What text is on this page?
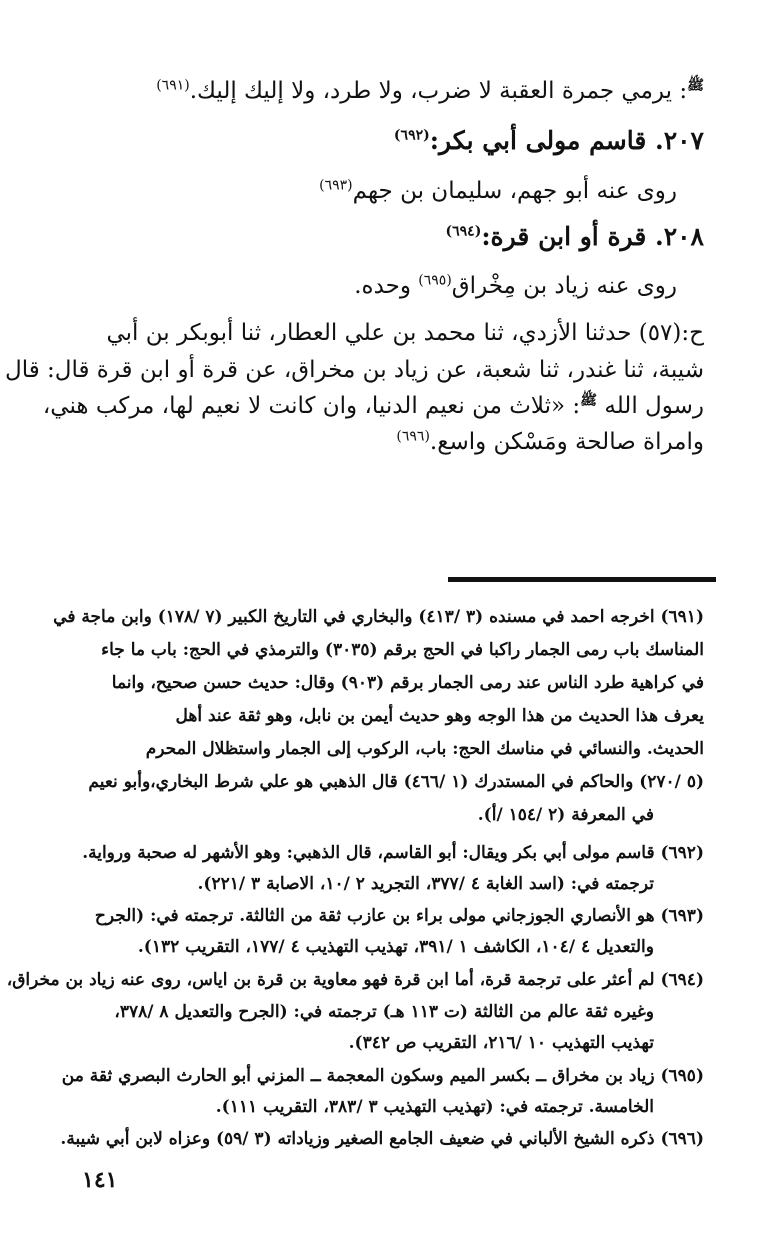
$^ﷺ$: يرمي جمرة العقبة لا ضرب، ولا طرد، ولا إليك إليك.$^{(٦٩١)}$
٢٠٧. قاسم مولى أبي بكر:$^{(٦٩٢)}$
روى عنه أبو جهم، سليمان بن جهم$^{(٦٩٣)}$
٢٠٨. قرة أو ابن قرة:$^{(٦٩٤)}$
روى عنه زياد بن مِخْراق$^{(٦٩٥)}$ وحده.
ح:(٥٧) حدثنا الأزدي، ثنا محمد بن علي العطار، ثنا أبوبكر بن أبي
شيبة، ثنا غندر، ثنا شعبة، عن زياد بن مخراق، عن قرة أو ابن قرة قال: قال
رسول الله $^ﷺ$: «ثلاث من نعيم الدنيا، وان كانت لا نعيم لها، مركب هني،
وامراة صالحة ومَسْكن واسع.$^{(٦٩٦)}$
(٦٩١) اخرجه احمد في مسنده (٣ /٤١٣) والبخاري في التاريخ الكبير (٧ /١٧٨) وابن ماجة في
المناسك باب رمى الجمار راكبا في الحج برقم (٣٠٣٥) والترمذي في الحج: باب ما جاء
في كراهية طرد الناس عند رمى الجمار برقم (٩٠٣) وقال: حديث حسن صحيح، وانما
يعرف هذا الحديث من هذا الوجه وهو حديث أيمن بن نابل، وهو ثقة عند أهل
الحديث. والنسائي في مناسك الحج: باب، الركوب إلى الجمار واستظلال المحرم
(٥ /٢٧٠) والحاكم في المستدرك (١ /٤٦٦) قال الذهبي هو علي شرط البخاري،وأبو نعيم
في المعرفة (٢ /١٥٤ /أ).
(٦٩٢) قاسم مولى أبي بكر ويقال: أبو القاسم، قال الذهبي: وهو الأشهر له صحبة ورواية.
ترجمته في: (اسد الغابة ٤ /٣٧٧، التجريد ٢ /١٠، الاصابة ٣ /٢٢١).
(٦٩٣) هو الأنصاري الجوزجاني مولى براء بن عازب ثقة من الثالثة. ترجمته في: (الجرح
والتعديل ٤ /١٠٤، الكاشف ١ /٣٩١، تهذيب التهذيب ٤ /١٧٧، التقريب ١٣٢).
(٦٩٤) لم أعثر على ترجمة قرة، أما ابن قرة فهو معاوية بن قرة بن اياس، روى عنه زياد بن مخراق،
وغيره ثقة عالم من الثالثة (ت ١١٣ هـ) ترجمته في: (الجرح والتعديل ٨ /٣٧٨،
تهذيب التهذيب ١٠ /٢١٦، التقريب ص ٣٤٢).
(٦٩٥) زياد بن مخراق ــ بكسر الميم وسكون المعجمة ــ المزني أبو الحارث البصري ثقة من
الخامسة. ترجمته في: (تهذيب التهذيب ٣ /٣٨٣، التقريب ١١١).
(٦٩٦) ذكره الشيخ الألباني في ضعيف الجامع الصغير وزياداته (٣ /٥٩) وعزاه لابن أبي شيبة.
١٤١
